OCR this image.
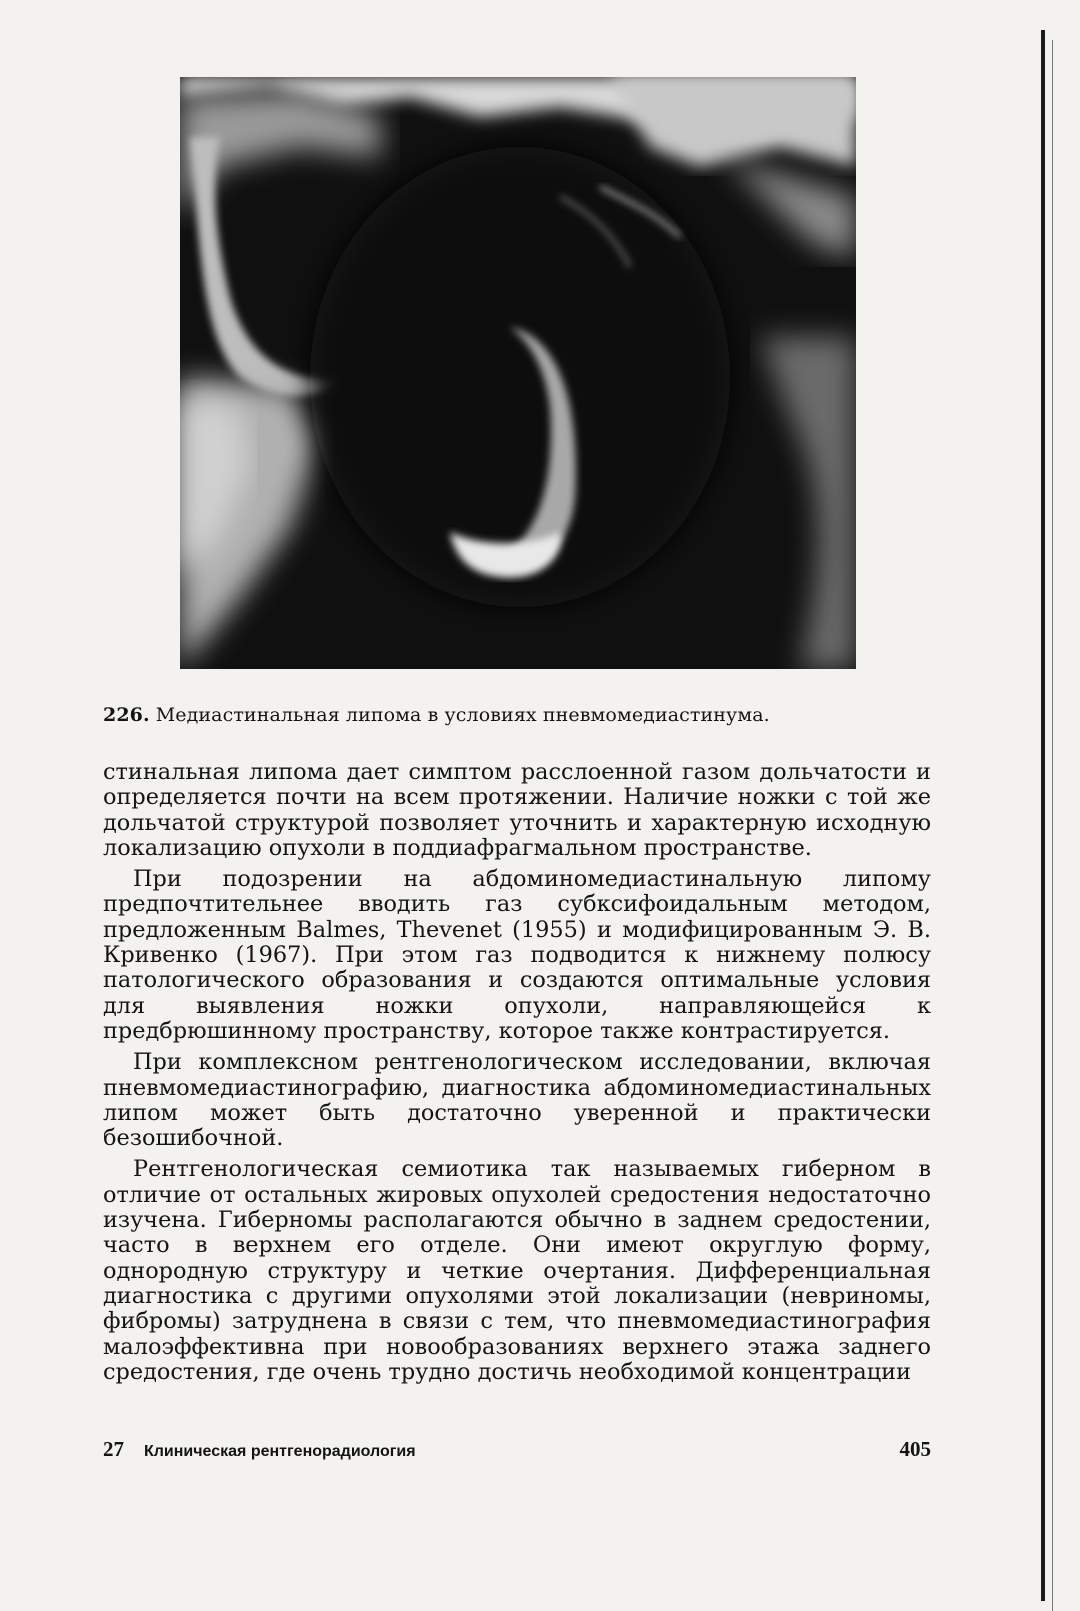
226. Медиастинальная липома в условиях пневмомедиастинума.

стинальная липома дает симптом расслоенной газом дольчатости и определяется почти на всем протяжении. Наличие ножки с той же дольчатой структурой позволяет уточнить и характерную исходную локализацию опухоли в поддиафрагмальном пространстве.

При подозрении на абдоминомедиастинальную липому предпочтительнее вводить газ субксифоидальным методом, предложенным Balmes, Thevenet (1955) и модифицированным Э. В. Кривенко (1967). При этом газ подводится к нижнему полюсу патологического образования и создаются оптимальные условия для выявления ножки опухоли, направляющейся к предбрюшинному пространству, которое также контрастируется.

При комплексном рентгенологическом исследовании, включая пневмомедиастинографию, диагностика абдоминомедиастинальных липом может быть достаточно уверенной и практически безошибочной.

Рентгенологическая семиотика так называемых гиберном в отличие от остальных жировых опухолей средостения недостаточно изучена. Гиберномы располагаются обычно в заднем средостении, часто в верхнем его отделе. Они имеют округлую форму, однородную структуру и четкие очертания. Дифференциальная диагностика с другими опухолями этой локализации (невриномы, фибромы) затруднена в связи с тем, что пневмомедиастинография малоэффективна при новообразованиях верхнего этажа заднего средостения, где очень трудно достичь необходимой концентрации

27 Клиническая рентгенорадиология	405
